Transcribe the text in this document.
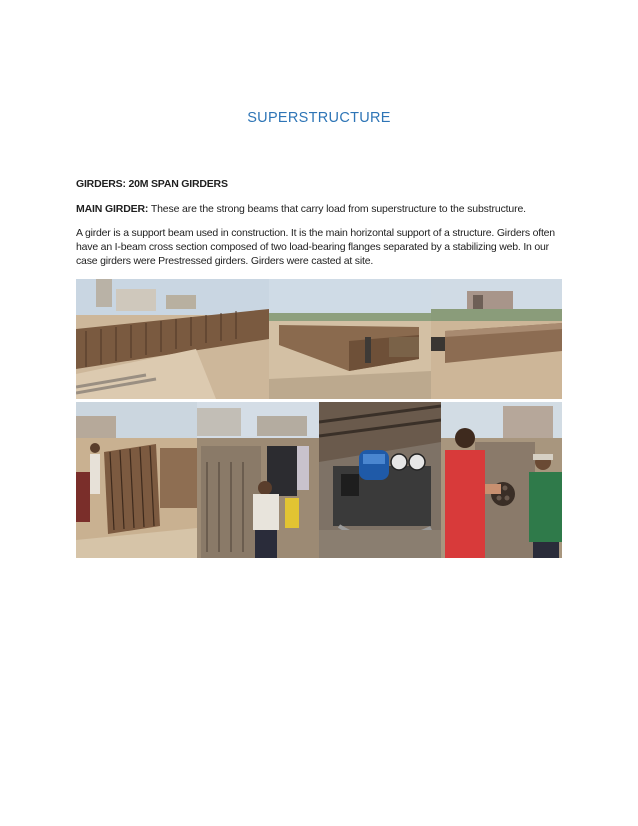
SUPERSTRUCTURE
GIRDERS: 20M SPAN GIRDERS
MAIN GIRDER: These are the strong beams that carry load from superstructure to the substructure.
A girder is a support beam used in construction. It is the main horizontal support of a structure. Girders often have an I-beam cross section composed of two load-bearing flanges separated by a stabilizing web. In our case girders were Prestressed girders. Girders were casted at site.
